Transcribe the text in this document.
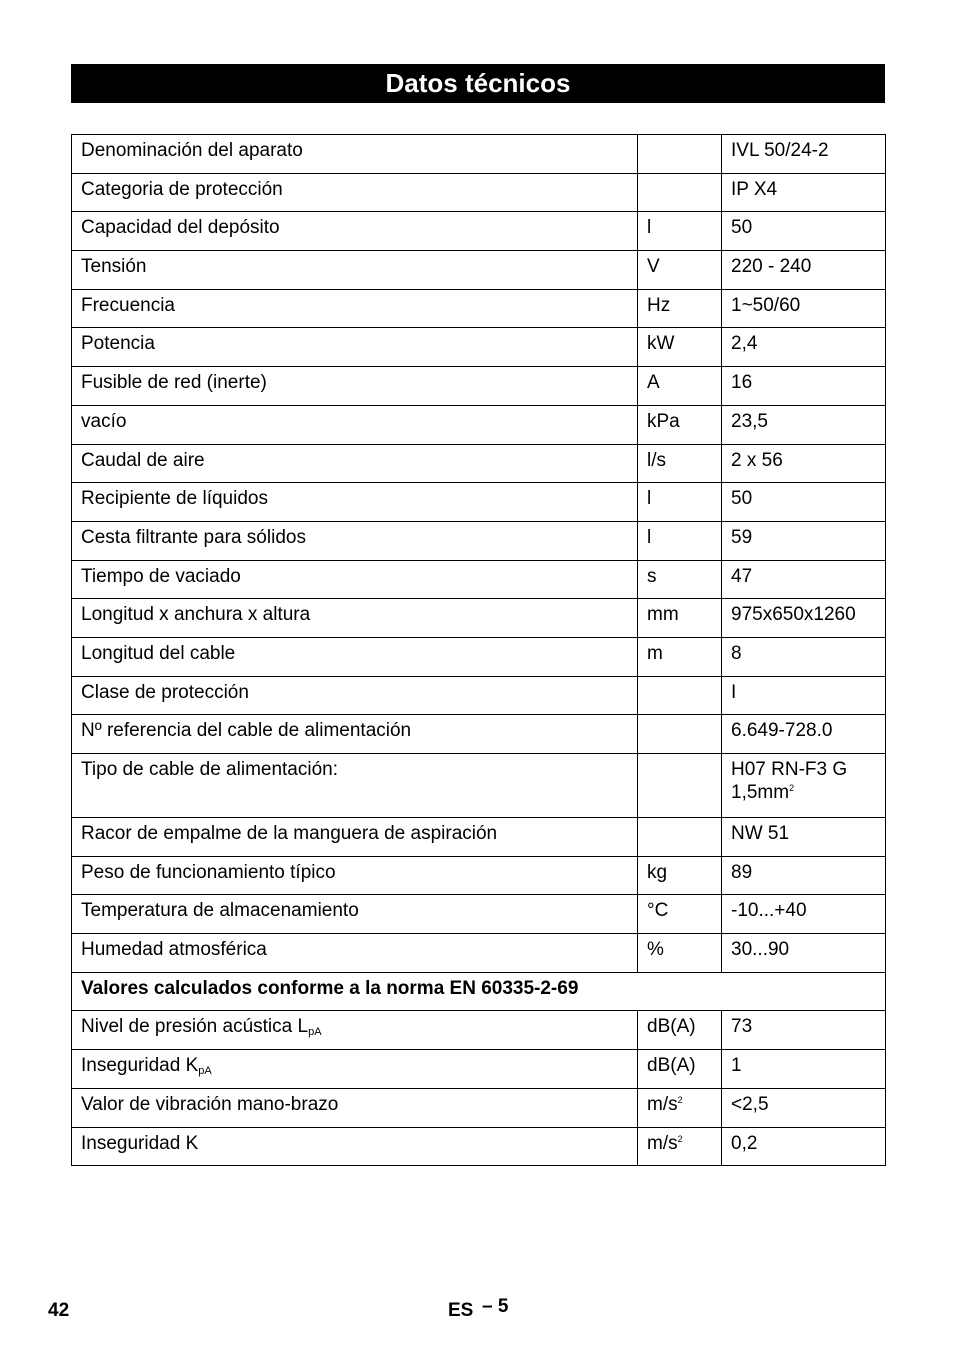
Datos técnicos
Denominación del aparato		IVL 50/24-2
Categoria de protección		IP X4
Capacidad del depósito	l	50
Tensión	V	220 - 240
Frecuencia	Hz	1~50/60
Potencia	kW	2,4
Fusible de red (inerte)	A	16
vacío	kPa	23,5
Caudal de aire	l/s	2 x 56
Recipiente de líquidos	l	50
Cesta filtrante para sólidos	l	59
Tiempo de vaciado	s	47
Longitud x anchura x altura	mm	975x650x1260
Longitud del cable	m	8
Clase de protección		I
Nº referencia del cable de alimentación		6.649-728.0
Tipo de cable de alimentación:		H07 RN-F3 G
$1,5mm^2$

Racor de empalme de la manguera de aspiración		NW 51
Peso de funcionamiento típico	kg	89
Temperatura de almacenamiento	°C	-10...+40
Humedad atmosférica	%	30...90
Valores calculados conforme a la norma EN 60335-2-69		
Nivel de presión acústica $L_{pA}$	dB(A)	73
Inseguridad $K_{pA}$	dB(A)	1
Valor de vibración mano-brazo	$m/s^2$	<2,5
Inseguridad K	$m/s^2$	0,2
42	ES – 5
